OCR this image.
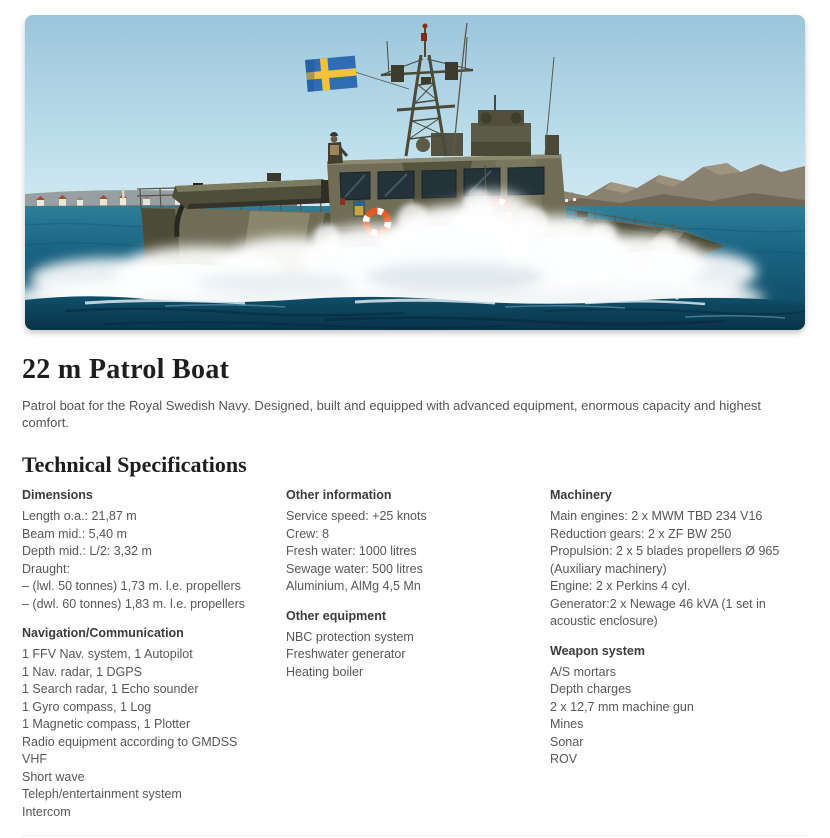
22 m Patrol Boat

Patrol boat for the Royal Swedish Navy. Designed, built and equipped with advanced equipment, enormous capacity and highest comfort.

Technical Specifications
Dimensions
Length o.a.: 21,87 m
Beam mid.: 5,40 m
Depth mid.: L/2: 3,32 m
Draught:
– (lwl. 50 tonnes) 1,73 m. l.e. propellers
– (dwl. 60 tonnes) 1,83 m. l.e. propellers
Navigation/Communication
1 FFV Nav. system, 1 Autopilot
1 Nav. radar, 1 DGPS
1 Search radar, 1 Echo sounder
1 Gyro compass, 1 Log
1 Magnetic compass, 1 Plotter
Radio equipment according to GMDSS
VHF
Short wave
Teleph/entertainment system
Intercom
Other information
Service speed: +25 knots
Crew: 8
Fresh water: 1000 litres
Sewage water: 500 litres
Aluminium, AlMg 4,5 Mn
Other equipment
NBC protection system
Freshwater generator
Heating boiler
Machinery
Main engines: 2 x MWM TBD 234 V16
Reduction gears: 2 x ZF BW 250
Propulsion: 2 x 5 blades propellers Ø 965
(Auxiliary machinery)
Engine: 2 x Perkins 4 cyl.
Generator:2 x Newage 46 kVA (1 set in acoustic enclosure)
Weapon system
A/S mortars
Depth charges
2 x 12,7 mm machine gun
Mines
Sonar
ROV
